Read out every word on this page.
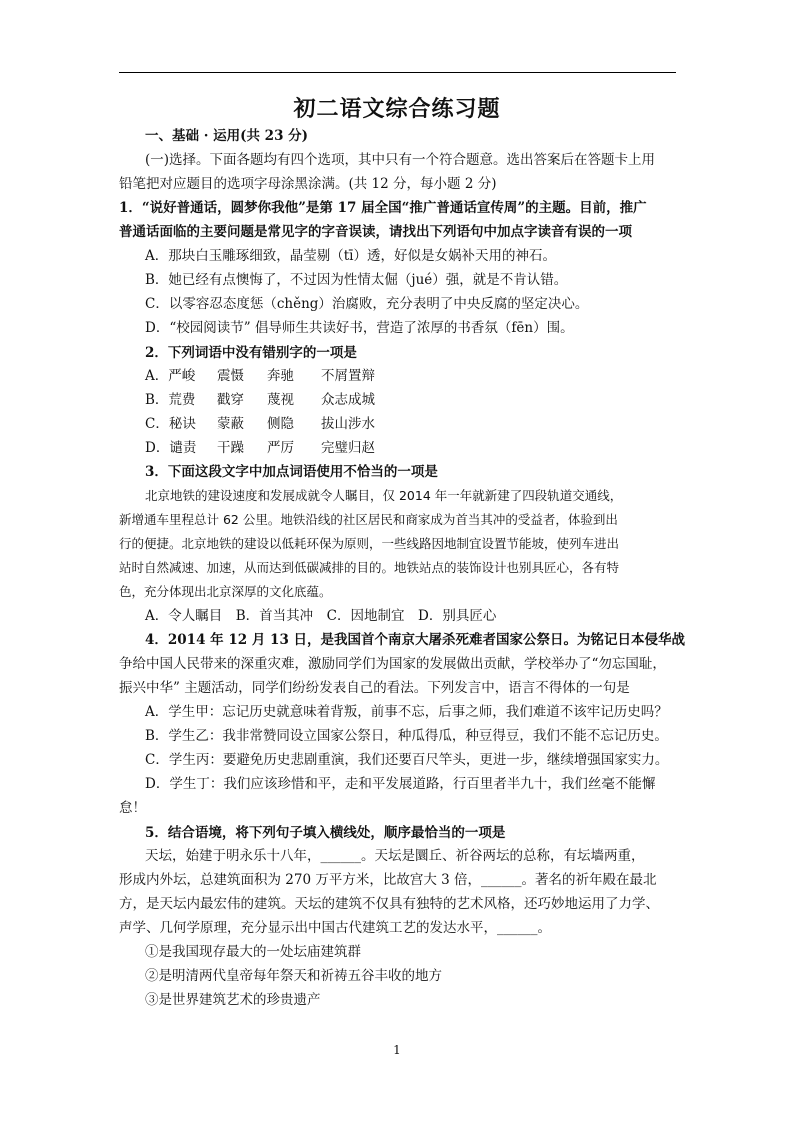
初二语文综合练习题
一、基础 · 运用(共 23 分)
(一)选择。下面各题均有四个选项，其中只有一个符合题意。选出答案后在答题卡上用
铅笔把对应题目的选项字母涂黑涂满。(共 12 分，每小题 2 分)
1．“说好普通话，圆梦你我他”是第 17 届全国“推广普通话宣传周”的主题。目前，推广
普通话面临的主要问题是常见字的字音误读，请找出下列语句中加点字读音有误的一项
A．那块白玉雕琢细致，晶莹剔（tī）透，好似是女娲补天用的神石。
B．她已经有点懊悔了，不过因为性情太倔（jué）强，就是不肯认错。
C．以零容忍态度惩（chěng）治腐败，充分表明了中央反腐的坚定决心。
D．“校园阅读节” 倡导师生共读好书，营造了浓厚的书香氛（fēn）围。
2．下列词语中没有错别字的一项是
A．严峻 震慑 奔驰 不屑置辩
B．荒费 戳穿 蔑视 众志成城
C．秘诀 蒙蔽 侧隐 拔山涉水
D．谴责 干躁 严厉 完璧归赵
3．下面这段文字中加点词语使用不恰当的一项是
北京地铁的建设速度和发展成就令人瞩目，仅 2014 年一年就新建了四段轨道交通线，
新增通车里程总计 62 公里。地铁沿线的社区居民和商家成为首当其冲的受益者，体验到出
行的便捷。北京地铁的建设以低耗环保为原则，一些线路因地制宜设置节能坡，使列车进出
站时自然减速、加速，从而达到低碳减排的目的。地铁站点的装饰设计也别具匠心，各有特
色，充分体现出北京深厚的文化底蕴。
A．令人瞩目　B．首当其冲　C．因地制宜　D．别具匠心
4．2014 年 12 月 13 日，是我国首个南京大屠杀死难者国家公祭日。为铭记日本侵华战
争给中国人民带来的深重灾难，激励同学们为国家的发展做出贡献，学校举办了“勿忘国耻，
振兴中华” 主题活动，同学们纷纷发表自己的看法。下列发言中，语言不得体的一句是
A．学生甲：忘记历史就意味着背叛，前事不忘，后事之师，我们难道不该牢记历史吗？
B．学生乙：我非常赞同设立国家公祭日，种瓜得瓜，种豆得豆，我们不能不忘记历史。
C．学生丙：要避免历史悲剧重演，我们还要百尺竿头，更进一步，继续增强国家实力。
D．学生丁：我们应该珍惜和平，走和平发展道路，行百里者半九十，我们丝毫不能懈
怠！
5．结合语境，将下列句子填入横线处，顺序最恰当的一项是
天坛，始建于明永乐十八年，______。天坛是圜丘、祈谷两坛的总称，有坛墙两重，
形成内外坛，总建筑面积为 270 万平方米，比故宫大 3 倍，______。著名的祈年殿在最北
方，是天坛内最宏伟的建筑。天坛的建筑不仅具有独特的艺术风格，还巧妙地运用了力学、
声学、几何学原理，充分显示出中国古代建筑工艺的发达水平，______。
①是我国现存最大的一处坛庙建筑群
②是明清两代皇帝每年祭天和祈祷五谷丰收的地方
③是世界建筑艺术的珍贵遗产
1
